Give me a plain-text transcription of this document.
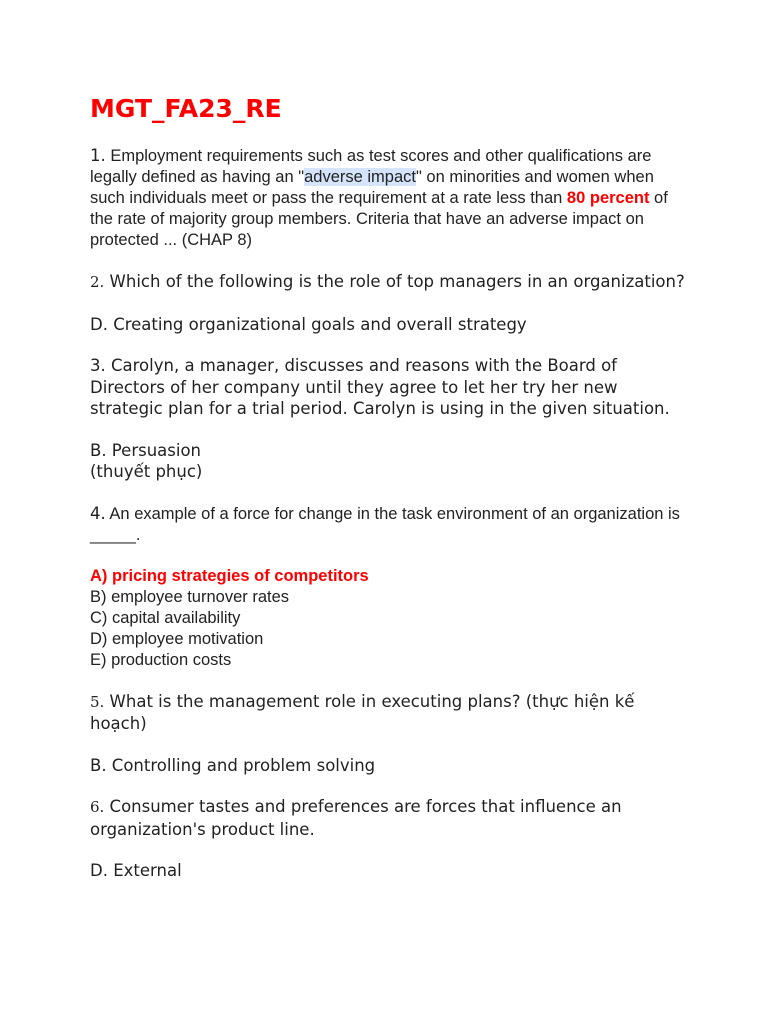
MGT_FA23_RE

1. Employment requirements such as test scores and other qualifications are legally defined as having an "adverse impact" on minorities and women when such individuals meet or pass the requirement at a rate less than 80 percent of the rate of majority group members. Criteria that have an adverse impact on protected ... (CHAP 8)

2. Which of the following is the role of top managers in an organization?

D. Creating organizational goals and overall strategy

3. Carolyn, a manager, discusses and reasons with the Board of Directors of her company until they agree to let her try her new strategic plan for a trial period. Carolyn is using in the given situation.

B. Persuasion
(thuyết phục)

4. An example of a force for change in the task environment of an organization is _____.

A) pricing strategies of competitors
B) employee turnover rates
C) capital availability
D) employee motivation
E) production costs

5. What is the management role in executing plans? (thực hiện kế hoạch)

B. Controlling and problem solving

6. Consumer tastes and preferences are forces that influence an organization's product line.

D. External
